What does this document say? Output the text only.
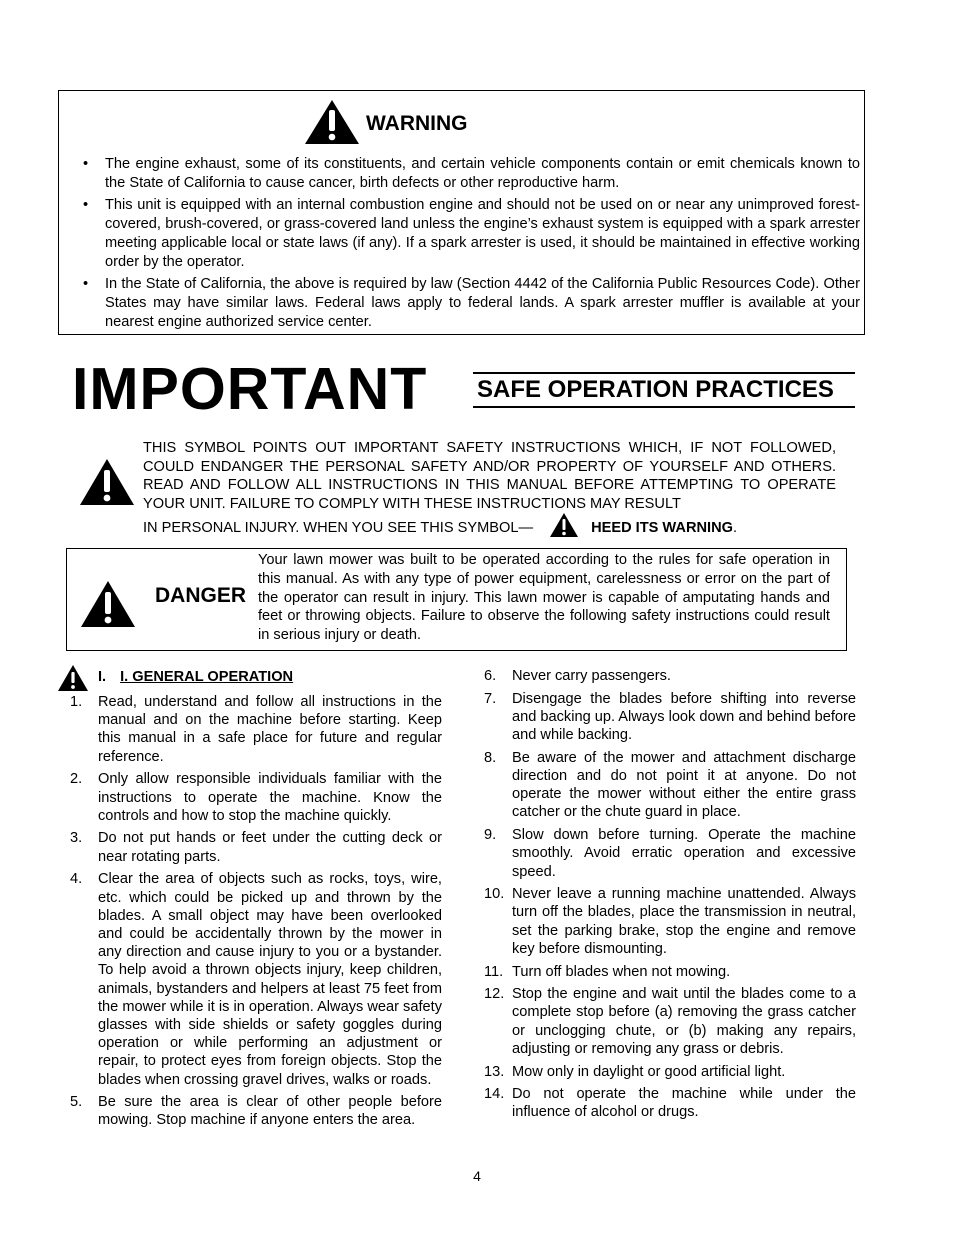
WARNING
• The engine exhaust, some of its constituents, and certain vehicle components contain or emit chemicals known to the State of California to cause cancer, birth defects or other reproductive harm.
• This unit is equipped with an internal combustion engine and should not be used on or near any unimproved forest-covered, brush-covered, or grass-covered land unless the engine’s exhaust system is equipped with a spark arrester meeting applicable local or state laws (if any). If a spark arrester is used, it should be maintained in effective working order by the operator.
• In the State of California, the above is required by law (Section 4442 of the California Public Resources Code). Other States may have similar laws. Federal laws apply to federal lands. A spark arrester muffler is available at your nearest engine authorized service center.
IMPORTANT SAFE OPERATION PRACTICES
THIS SYMBOL POINTS OUT IMPORTANT SAFETY INSTRUCTIONS WHICH, IF NOT FOLLOWED, COULD ENDANGER THE PERSONAL SAFETY AND/OR PROPERTY OF YOURSELF AND OTHERS. READ AND FOLLOW ALL INSTRUCTIONS IN THIS MANUAL BEFORE ATTEMPTING TO OPERATE YOUR UNIT. FAILURE TO COMPLY WITH THESE INSTRUCTIONS MAY RESULT
IN PERSONAL INJURY. WHEN YOU SEE THIS SYMBOL—	HEED ITS WARNING .
DANGER
Your lawn mower was built to be operated according to the rules for safe operation in this manual. As with any type of power equipment, carelessness or error on the part of the operator can result in injury. This lawn mower is capable of amputating hands and feet or throwing objects. Failure to observe the following safety instructions could result in serious injury or death.
I. I. GENERAL OPERATION
1.	Read, understand and follow all instructions in the manual and on the machine before starting. Keep this manual in a safe place for future and regular reference.
2.	Only allow responsible individuals familiar with the instructions to operate the machine. Know the controls and how to stop the machine quickly.
3.	Do not put hands or feet under the cutting deck or near rotating parts.
4.	Clear the area of objects such as rocks, toys, wire, etc. which could be picked up and thrown by the blades. A small object may have been overlooked and could be accidentally thrown by the mower in any direction and cause injury to you or a bystander. To help avoid a thrown objects injury, keep children, animals, bystanders and helpers at least 75 feet from the mower while it is in operation. Always wear safety glasses with side shields or safety goggles during operation or while performing an adjustment or repair, to protect eyes from foreign objects. Stop the blades when crossing gravel drives, walks or roads.
5.	Be sure the area is clear of other people before mowing. Stop machine if anyone enters the area.
6.	Never carry passengers.
7.	Disengage the blades before shifting into reverse and backing up. Always look down and behind before and while backing.
8.	Be aware of the mower and attachment discharge direction and do not point it at anyone. Do not operate the mower without either the entire grass catcher or the chute guard in place.
9.	Slow down before turning. Operate the machine smoothly. Avoid erratic operation and excessive speed.
10. Never leave a running machine unattended. Always turn off the blades, place the transmission in neutral, set the parking brake, stop the engine and remove key before dismounting.
11. Turn off blades when not mowing.
12. Stop the engine and wait until the blades come to a complete stop before (a) removing the grass catcher or unclogging chute, or (b) making any repairs, adjusting or removing any grass or debris.
13. Mow only in daylight or good artificial light.
14. Do not operate the machine while under the influence of alcohol or drugs.
4
